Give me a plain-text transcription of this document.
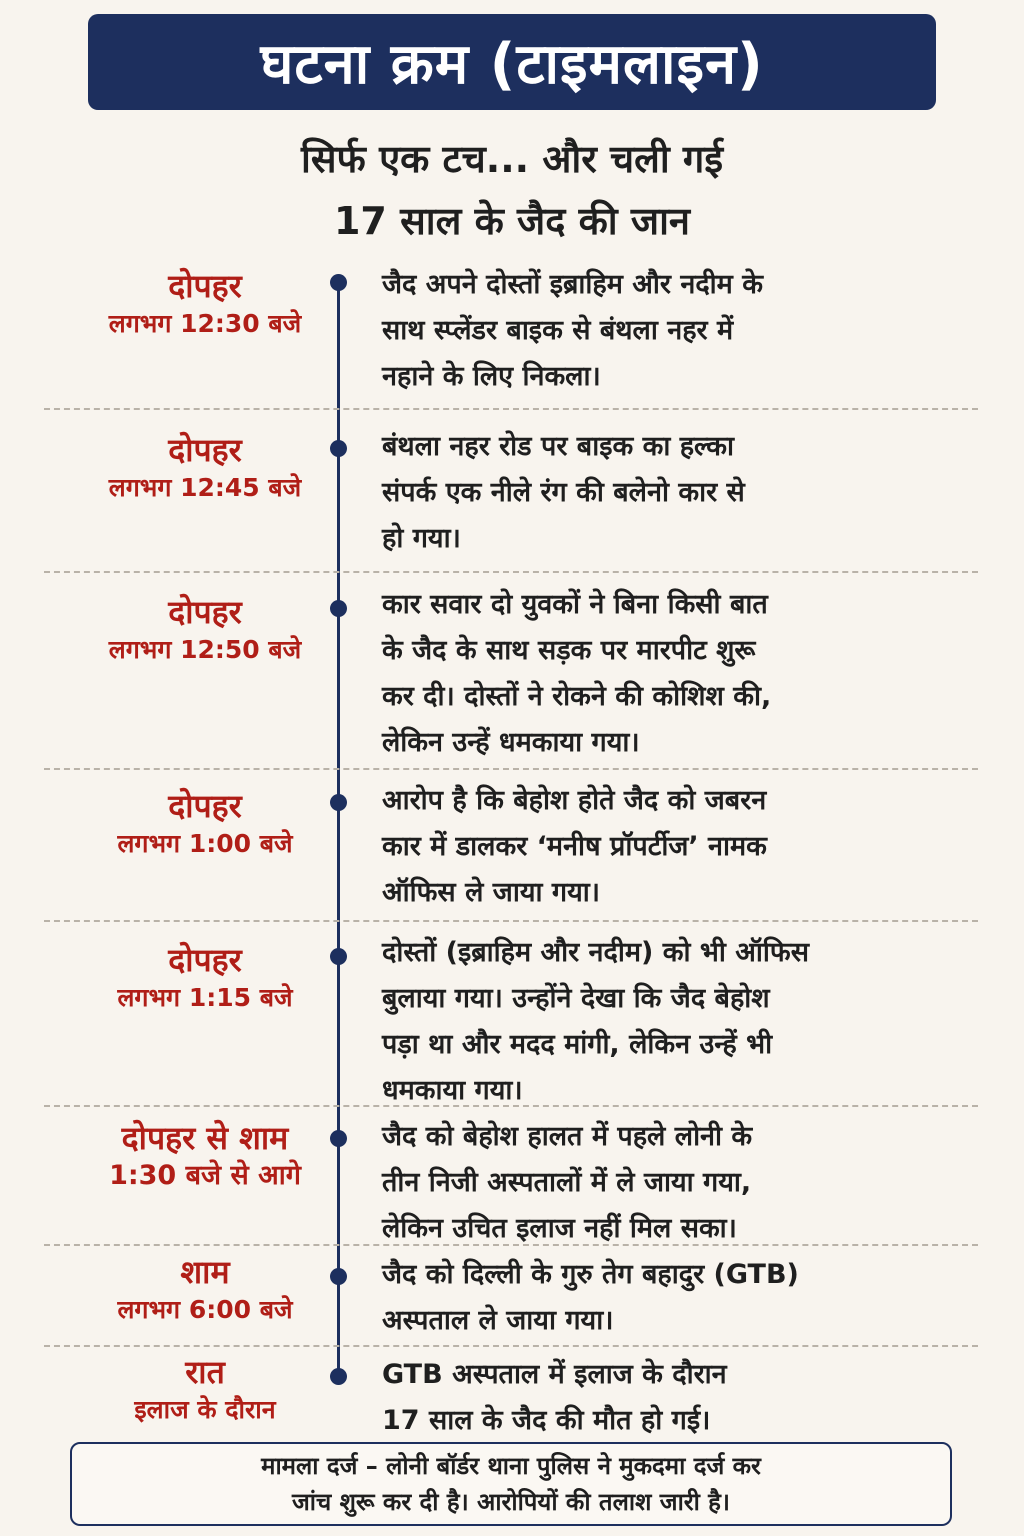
घटना क्रम (टाइमलाइन)
सिर्फ एक टच... और चली गई
17 साल के जैद की जान
दोपहर
लगभग 12:30 बजे
जैद अपने दोस्तों इब्राहिम और नदीम के
साथ स्प्लेंडर बाइक से बंथला नहर में
नहाने के लिए निकला।
दोपहर
लगभग 12:45 बजे
बंथला नहर रोड पर बाइक का हल्का
संपर्क एक नीले रंग की बलेनो कार से
हो गया।
दोपहर
लगभग 12:50 बजे
कार सवार दो युवकों ने बिना किसी बात
के जैद के साथ सड़क पर मारपीट शुरू
कर दी। दोस्तों ने रोकने की कोशिश की,
लेकिन उन्हें धमकाया गया।
दोपहर
लगभग 1:00 बजे
आरोप है कि बेहोश होते जैद को जबरन
कार में डालकर ‘मनीष प्रॉपर्टीज’ नामक
ऑफिस ले जाया गया।
दोपहर
लगभग 1:15 बजे
दोस्तों (इब्राहिम और नदीम) को भी ऑफिस
बुलाया गया। उन्होंने देखा कि जैद बेहोश
पड़ा था और मदद मांगी, लेकिन उन्हें भी
धमकाया गया।
दोपहर से शाम
1:30 बजे से आगे
जैद को बेहोश हालत में पहले लोनी के
तीन निजी अस्पतालों में ले जाया गया,
लेकिन उचित इलाज नहीं मिल सका।
शाम
लगभग 6:00 बजे
जैद को दिल्ली के गुरु तेग बहादुर (GTB)
अस्पताल ले जाया गया।
रात
इलाज के दौरान
GTB अस्पताल में इलाज के दौरान
17 साल के जैद की मौत हो गई।
मामला दर्ज – लोनी बॉर्डर थाना पुलिस ने मुकदमा दर्ज कर
जांच शुरू कर दी है। आरोपियों की तलाश जारी है।
